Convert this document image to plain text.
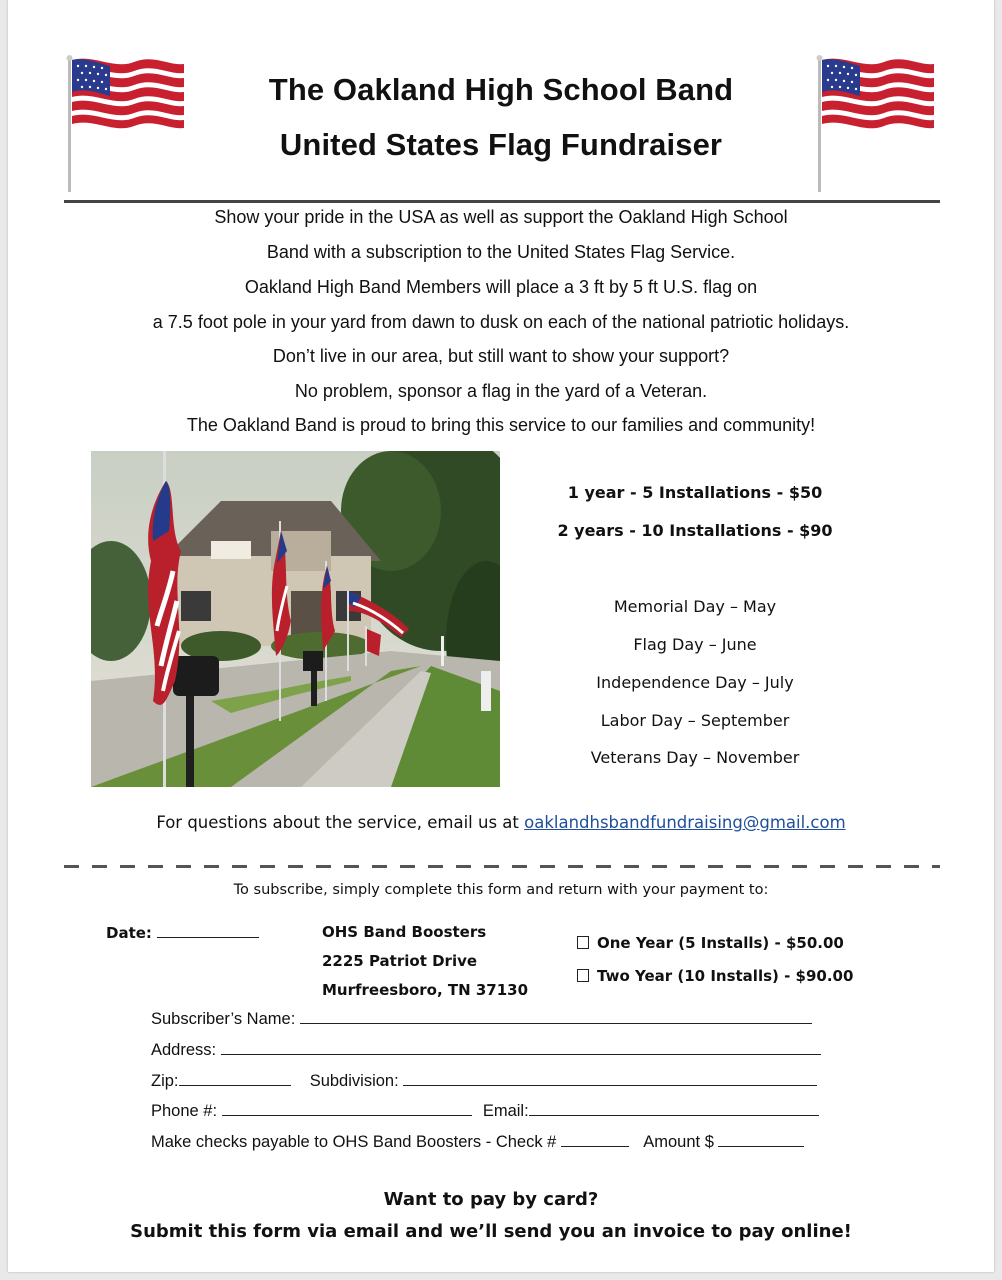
The Oakland High School Band
United States Flag Fundraiser
Show your pride in the USA as well as support the Oakland High School
Band with a subscription to the United States Flag Service.
Oakland High Band Members will place a 3 ft by 5 ft U.S. flag on
a 7.5 foot pole in your yard from dawn to dusk on each of the national patriotic holidays.
Don’t live in our area, but still want to show your support?
No problem, sponsor a flag in the yard of a Veteran.
The Oakland Band is proud to bring this service to our families and community!
1 year - 5 Installations - $50
2 years - 10 Installations - $90
Memorial Day – May
Flag Day – June
Independence Day – July
Labor Day – September
Veterans Day – November
For questions about the service, email us at oaklandhsbandfundraising@gmail.com
To subscribe, simply complete this form and return with your payment to:
Date:	OHS Band Boosters
2225 Patriot Drive
Murfreesboro, TN 37130
One Year (5 Installs) - $50.00
Two Year (10 Installs) - $90.00
Subscriber’s Name:
Address:
Zip:	Subdivision:
Phone #:	Email:
Make checks payable to OHS Band Boosters - Check #	Amount $
Want to pay by card?
Submit this form via email and we’ll send you an invoice to pay online!
